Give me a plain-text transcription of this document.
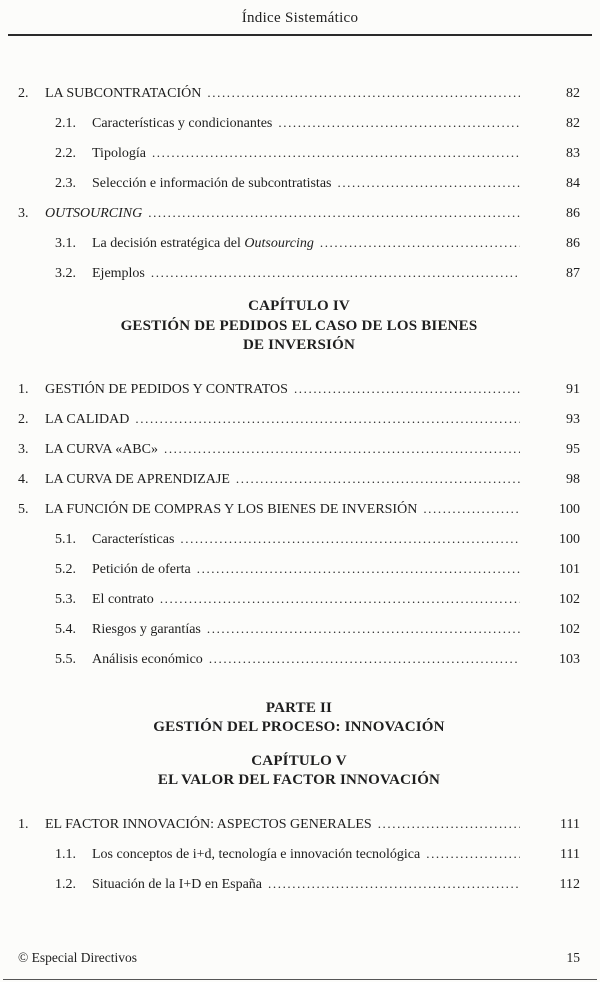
Índice Sistemático
2.	LA SUBCONTRATACIÓN .....	82
2.1.	Características y condicionantes .....	82
2.2.	Tipología .....	83
2.3.	Selección e información de subcontratistas .....	84
3.	OUTSOURCING .....	86
3.1.	La decisión estratégica del Outsourcing .....	86
3.2.	Ejemplos .....	87
CAPÍTULO IV
GESTIÓN DE PEDIDOS EL CASO DE LOS BIENES
DE INVERSIÓN
1.	GESTIÓN DE PEDIDOS Y CONTRATOS .....	91
2.	LA CALIDAD .....	93
3.	LA CURVA «ABC» .....	95
4.	LA CURVA DE APRENDIZAJE .....	98
5.	LA FUNCIÓN DE COMPRAS Y LOS BIENES DE INVERSIÓN .....	100
5.1.	Características .....	100
5.2.	Petición de oferta .....	101
5.3.	El contrato .....	102
5.4.	Riesgos y garantías .....	102
5.5.	Análisis económico .....	103
PARTE II
GESTIÓN DEL PROCESO: INNOVACIÓN
CAPÍTULO V
EL VALOR DEL FACTOR INNOVACIÓN
1.	EL FACTOR INNOVACIÓN: ASPECTOS GENERALES .....	111
1.1.	Los conceptos de i+d, tecnología e innovación tecnológica .....	111
1.2.	Situación de la I+D en España .....	112
© Especial Directivos	15
